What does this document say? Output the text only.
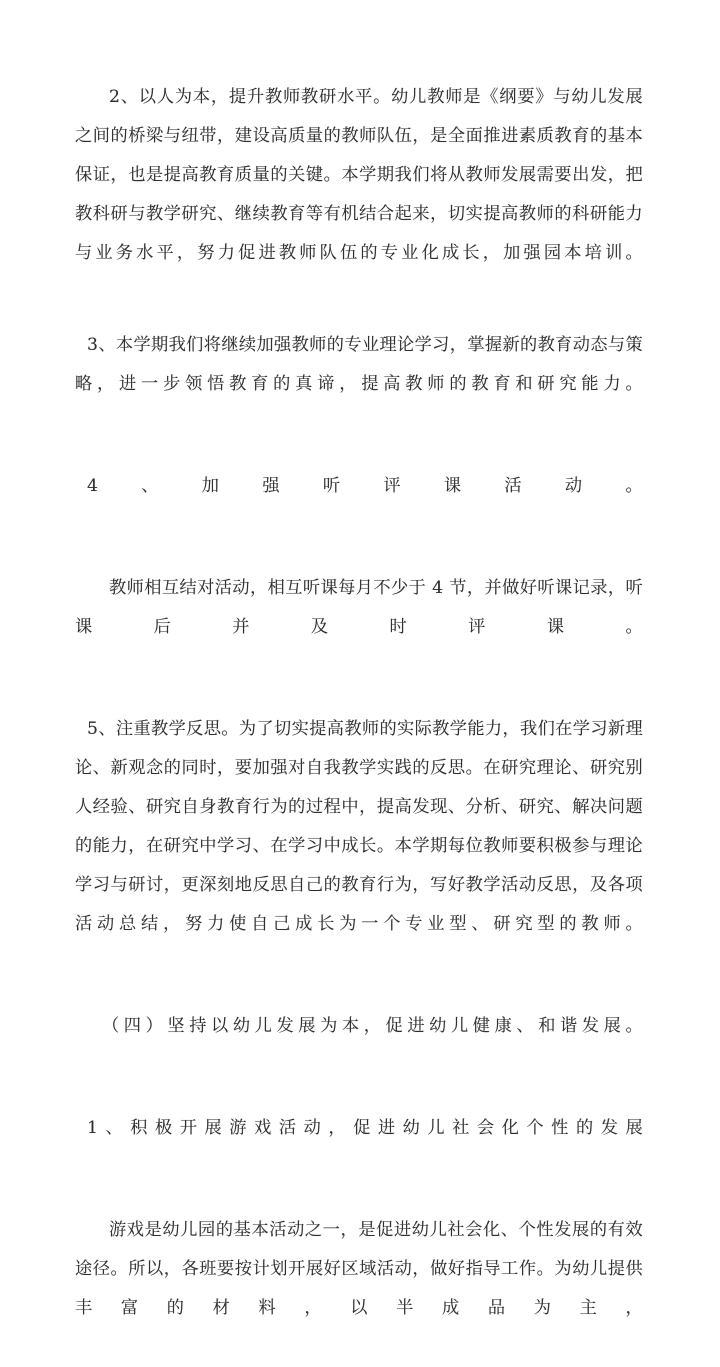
2、以人为本，提升教师教研水平。幼儿教师是《纲要》与幼儿发展之间的桥梁与纽带，建设高质量的教师队伍，是全面推进素质教育的基本保证，也是提高教育质量的关键。本学期我们将从教师发展需要出发，把教科研与教学研究、继续教育等有机结合起来，切实提高教师的科研能力与业务水平，努力促进教师队伍的专业化成长，加强园本培训。

3、本学期我们将继续加强教师的专业理论学习，掌握新的教育动态与策略，进一步领悟教育的真谛，提高教师的教育和研究能力。

4、加强听评课活动。

教师相互结对活动，相互听课每月不少于 4 节，并做好听课记录，听课后并及时评课。

5、注重教学反思。为了切实提高教师的实际教学能力，我们在学习新理论、新观念的同时，要加强对自我教学实践的反思。在研究理论、研究别人经验、研究自身教育行为的过程中，提高发现、分析、研究、解决问题的能力，在研究中学习、在学习中成长。本学期每位教师要积极参与理论学习与研讨，更深刻地反思自己的教育行为，写好教学活动反思，及各项活动总结，努力使自己成长为一个专业型、研究型的教师。

（四）坚持以幼儿发展为本，促进幼儿健康、和谐发展。

1、积极开展游戏活动，促进幼儿社会化个性的发展

游戏是幼儿园的基本活动之一，是促进幼儿社会化、个性发展的有效途径。所以，各班要按计划开展好区域活动，做好指导工作。为幼儿提供丰富的材料，以半成品为主，
